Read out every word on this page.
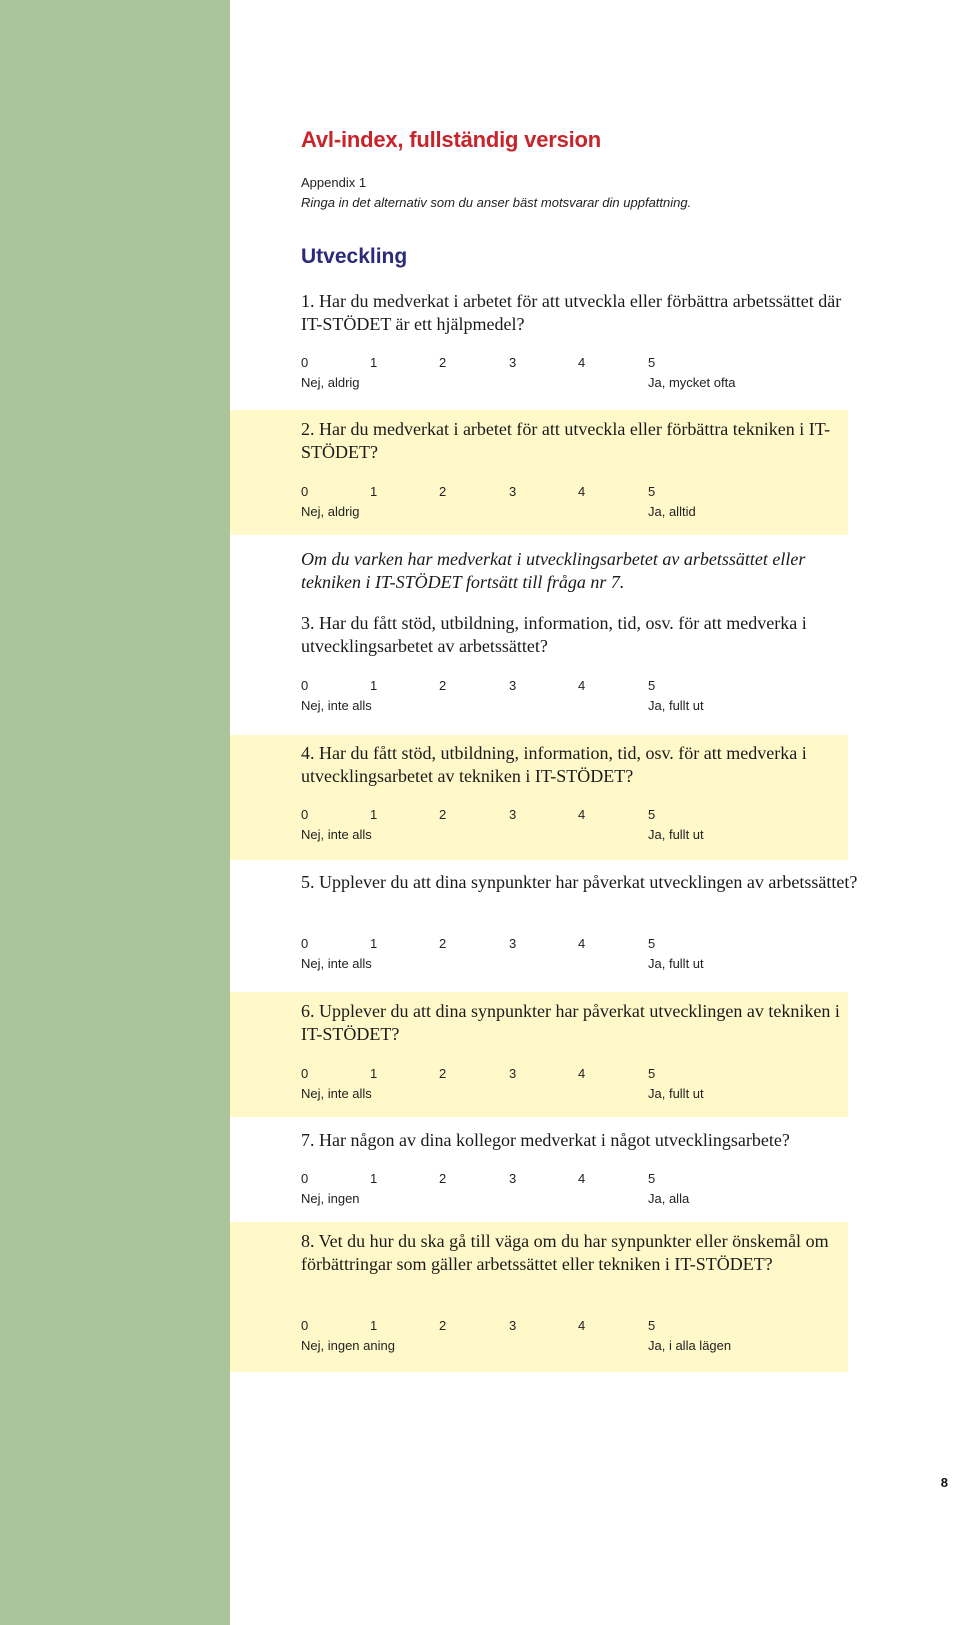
Avl-index, fullständig version
Appendix 1
Ringa in det alternativ som du anser bäst motsvarar din uppfattning.
Utveckling
1. Har du medverkat i arbetet för att utveckla eller förbättra arbetssättet där IT-STÖDET är ett hjälpmedel?
0	1	2	3	4	5
Nej, aldrig	Ja, mycket ofta
2. Har du medverkat i arbetet för att utveckla eller förbättra tekniken i IT-STÖDET?
0	1	2	3	4	5
Nej, aldrig	Ja, alltid
Om du varken har medverkat i utvecklingsarbetet av arbetssättet eller tekniken i IT-STÖDET fortsätt till fråga nr 7.
3. Har du fått stöd, utbildning, information, tid, osv. för att medverka i utvecklingsarbetet av arbetssättet?
0	1	2	3	4	5
Nej, inte alls	Ja, fullt ut
4. Har du fått stöd, utbildning, information, tid, osv. för att medverka i utvecklingsarbetet av tekniken i IT-STÖDET?
0	1	2	3	4	5
Nej, inte alls	Ja, fullt ut
5. Upplever du att dina synpunkter har påverkat utvecklingen av arbetssättet?
0	1	2	3	4	5
Nej, inte alls	Ja, fullt ut
6. Upplever du att dina synpunkter har påverkat utvecklingen av tekniken i IT-STÖDET?
0	1	2	3	4	5
Nej, inte alls	Ja, fullt ut
7. Har någon av dina kollegor medverkat i något utvecklingsarbete?
0	1	2	3	4	5
Nej, ingen	Ja, alla
8. Vet du hur du ska gå till väga om du har synpunkter eller önskemål om förbättringar som gäller arbetssättet eller tekniken i IT-STÖDET?
0	1	2	3	4	5
Nej, ingen aning	Ja, i alla lägen
8
